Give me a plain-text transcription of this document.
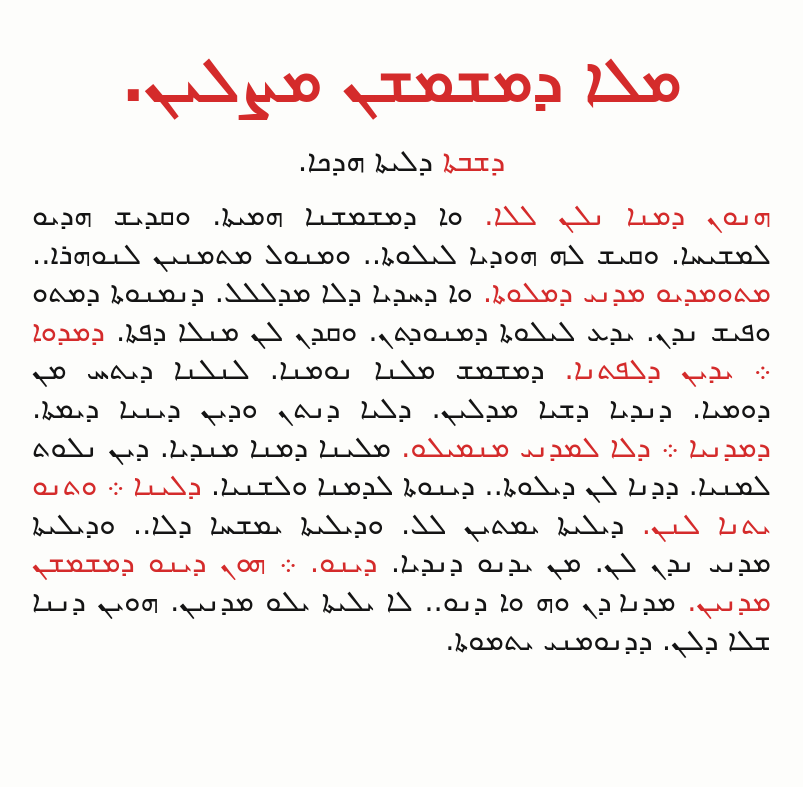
ܡܠܐ ܕܡܫܡܫܢ ܡܨܠܝܢ.
ܕܫܒܬܐ ܕܠܝܬܐ ܗܕܟܐ.

ܗܢܘܢ ܕܡܢܐ ܢܠܢ ܠܠܐ. ܘܐ ܕܡܫܡܫܢܐ ܗܡܝܬܐ. ܘܩܕܝܫ ܗܕܝܘ ܠܡܫܝܚܐ. ܘܩܝܫ ܠܗ ܗܘܕܝܐ ܠܝܠܘܬܐ.. ܘܡܢܘܠ ܡܬܡܢܝܢ ܠܢܘܗܪܐ.. ܡܬܘܡܕܝܘ ܡܕܢܝ ܕܡܠܘܬܐ. ܘܐ ܕܚܕܝܐ ܕܠܐ ܡܕܠܠܠ. ܕܢܡܢܘܬܐ ܕܡܬܘ ܘܦܝܫ ܢܕܢ. ܝܕܥ ܠܝܠܘܬܐ ܕܡܢܘܕܬܢ. ܘܩܕܢ ܠܢ ܡܢܠܐ ܕܦܬܐ. ܕܡܕܘܐ ܀ ܝܕܝܢ ܕܠܦܬܢܐ. ܕܡܫܡܫ ܡܠܢܐ ܢܘܡܢܐ. ܠܢܠܢܐ ܕܝܬܚ ܡܢ ܕܘܡܝܐ. ܕܢܕܝܐ ܕܫܝܐ ܡܕܠܝܢ. ܕܠܝܐ ܕܢܬܢ ܘܕܝܢ ܕܝܢܝܐ ܕܝܡܬܐ. ܕܡܕܢܝܐ ܀ ܕܠܐ ܠܡܕܢܝ ܡܢܡܝܠܘ. ܡܠܝܢܐ ܕܡܢܐ ܡܢܕܝܐ. ܕܝܢ ܢܠܘܬ ܠܡܢܝܐ. ܕܕܢܐ ܠܢ ܕܝܠܘܬܐ.. ܕܝܢܘܬܐ ܠܕܡܢܐ ܘܠܫܢܝܐ. ܕܠܝܢܐ ܀ ܘܬܢܘ ܝܬܢܐ ܠܢܢ. ܕܝܠܝܬܐ ܝܡܬܝܢ ܠܠ. ܘܕܝܠܝܬܐ ܝܡܫܚܐ ܕܠܐ.. ܘܕܝܠܝܬܐ ܡܕܢܝ ܢܕܢ ܠܢ. ܡܢ ܝܕܢܘ ܕܢܕܝܐ. ܕܝܢܘ. ܀ ܗܘܢ ܕܝܢܘ ܕܡܫܡܫܢ ܡܕܢܝܢ. ܡܕܢܐ ܕܢ ܘܗ ܘܐ ܕܢܘ.. ܠܐ ܝܠܝܬܐ ܝܠܘ ܡܕܢܝܢ. ܗܘܝܢ ܕܢܢܐ ܫܠܐ ܕܠܢ. ܕܕܢܘܡܢܝ ܝܬܡܘܬܐ.
